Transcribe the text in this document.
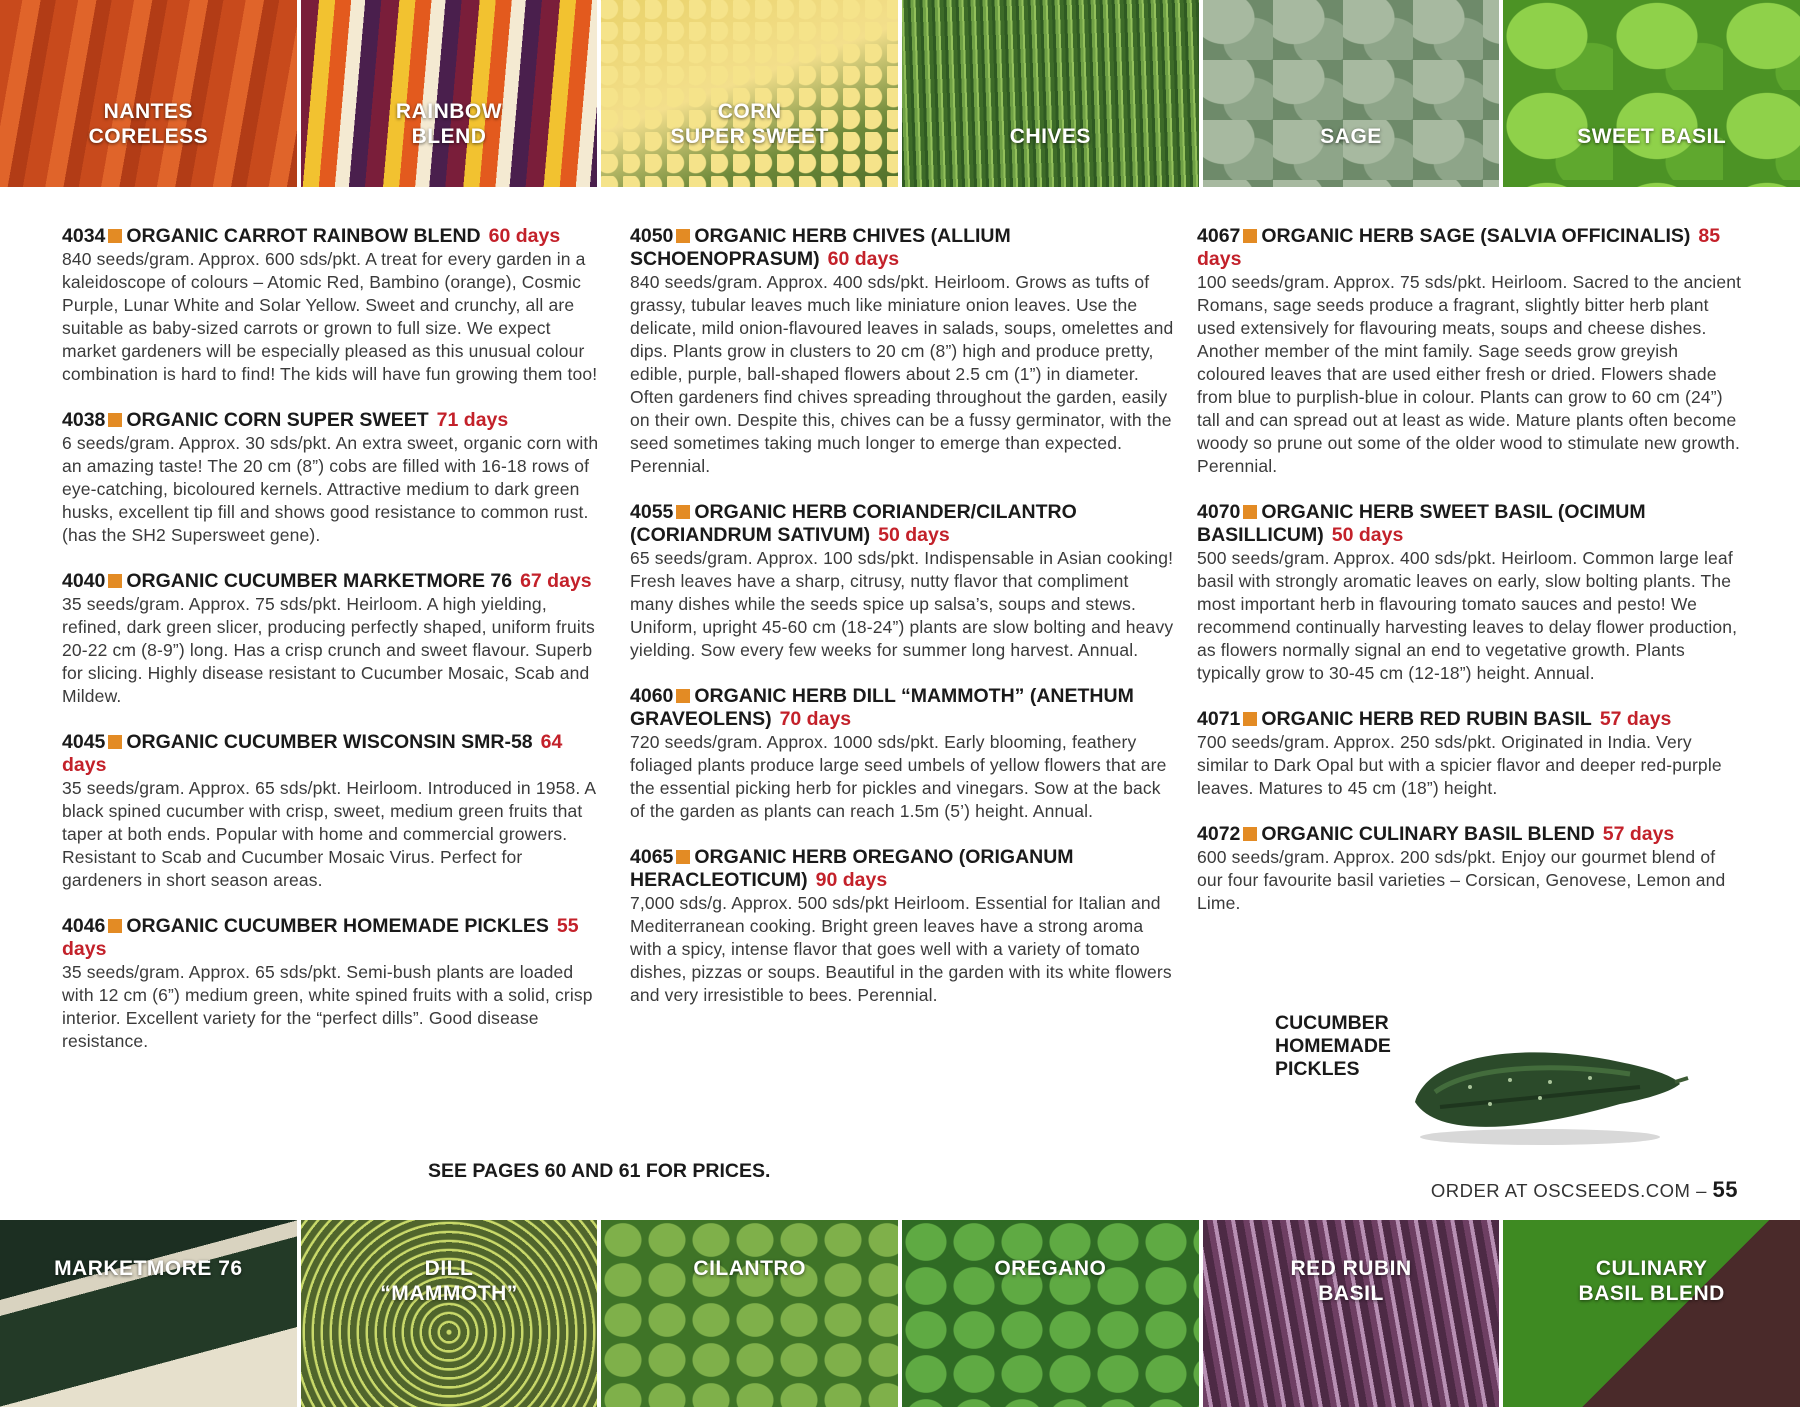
NANTES
CORELESS
RAINBOW
BLEND
CORN
SUPER SWEET	CHIVES	SAGE	SWEET BASIL
4034 ORGANIC CARROT RAINBOW BLEND 60 days
840 seeds/gram. Approx. 600 sds/pkt. A treat for every garden in a kaleidoscope of colours – Atomic Red, Bambino (orange), Cosmic Purple, Lunar White and Solar Yellow. Sweet and crunchy, all are suitable as baby-sized carrots or grown to full size. We expect market gardeners will be especially pleased as this unusual colour combination is hard to find! The kids will have fun growing them too!
4038 ORGANIC CORN SUPER SWEET 71 days
6 seeds/gram. Approx. 30 sds/pkt. An extra sweet, organic corn with an amazing taste! The 20 cm (8”) cobs are filled with 16-18 rows of eye-catching, bicoloured kernels. Attractive medium to dark green husks, excellent tip fill and shows good resistance to common rust. (has the SH2 Supersweet gene).
4040 ORGANIC CUCUMBER MARKETMORE 76 67 days
35 seeds/gram. Approx. 75 sds/pkt. Heirloom. A high yielding, refined, dark green slicer, producing perfectly shaped, uniform fruits 20-22 cm (8-9”) long. Has a crisp crunch and sweet flavour. Superb for slicing. Highly disease resistant to Cucumber Mosaic, Scab and Mildew.
4045 ORGANIC CUCUMBER WISCONSIN SMR-58 64 days
35 seeds/gram. Approx. 65 sds/pkt. Heirloom. Introduced in 1958. A black spined cucumber with crisp, sweet, medium green fruits that taper at both ends. Popular with home and commercial growers. Resistant to Scab and Cucumber Mosaic Virus. Perfect for gardeners in short season areas.
4046 ORGANIC CUCUMBER HOMEMADE PICKLES 55 days
35 seeds/gram. Approx. 65 sds/pkt. Semi-bush plants are loaded with 12 cm (6”) medium green, white spined fruits with a solid, crisp interior. Excellent variety for the “perfect dills”. Good disease resistance.
4050 ORGANIC HERB CHIVES (ALLIUM SCHOENOPRASUM) 60 days
840 seeds/gram. Approx. 400 sds/pkt. Heirloom. Grows as tufts of grassy, tubular leaves much like miniature onion leaves. Use the delicate, mild onion-flavoured leaves in salads, soups, omelettes and dips. Plants grow in clusters to 20 cm (8”) high and produce pretty, edible, purple, ball-shaped flowers about 2.5 cm (1”) in diameter. Often gardeners find chives spreading throughout the garden, easily on their own. Despite this, chives can be a fussy germinator, with the seed sometimes taking much longer to emerge than expected. Perennial.
4055 ORGANIC HERB CORIANDER/CILANTRO (CORIANDRUM SATIVUM) 50 days
65 seeds/gram. Approx. 100 sds/pkt. Indispensable in Asian cooking! Fresh leaves have a sharp, citrusy, nutty flavor that compliment many dishes while the seeds spice up salsa’s, soups and stews. Uniform, upright 45-60 cm (18-24”) plants are slow bolting and heavy yielding. Sow every few weeks for summer long harvest. Annual.
4060 ORGANIC HERB DILL “MAMMOTH” (ANETHUM GRAVEOLENS) 70 days
720 seeds/gram. Approx. 1000 sds/pkt. Early blooming, feathery foliaged plants produce large seed umbels of yellow flowers that are the essential picking herb for pickles and vinegars. Sow at the back of the garden as plants can reach 1.5m (5’) height. Annual.
4065 ORGANIC HERB OREGANO (ORIGANUM HERACLEOTICUM) 90 days
7,000 sds/g. Approx. 500 sds/pkt Heirloom. Essential for Italian and Mediterranean cooking. Bright green leaves have a strong aroma with a spicy, intense flavor that goes well with a variety of tomato dishes, pizzas or soups. Beautiful in the garden with its white flowers and very irresistible to bees. Perennial.
4067 ORGANIC HERB SAGE (SALVIA OFFICINALIS) 85 days
100 seeds/gram. Approx. 75 sds/pkt. Heirloom. Sacred to the ancient Romans, sage seeds produce a fragrant, slightly bitter herb plant used extensively for flavouring meats, soups and cheese dishes. Another member of the mint family. Sage seeds grow greyish coloured leaves that are used either fresh or dried. Flowers shade from blue to purplish-blue in colour. Plants can grow to 60 cm (24”) tall and can spread out at least as wide. Mature plants often become woody so prune out some of the older wood to stimulate new growth. Perennial.
4070 ORGANIC HERB SWEET BASIL (OCIMUM BASILLICUM) 50 days
500 seeds/gram. Approx. 400 sds/pkt. Heirloom. Common large leaf basil with strongly aromatic leaves on early, slow bolting plants. The most important herb in flavouring tomato sauces and pesto! We recommend continually harvesting leaves to delay flower production, as flowers normally signal an end to vegetative growth. Plants typically grow to 30-45 cm (12-18”) height. Annual.
4071 ORGANIC HERB RED RUBIN BASIL 57 days
700 seeds/gram. Approx. 250 sds/pkt. Originated in India. Very similar to Dark Opal but with a spicier flavor and deeper red-purple leaves. Matures to 45 cm (18”) height.
4072 ORGANIC CULINARY BASIL BLEND 57 days
600 seeds/gram. Approx. 200 sds/pkt. Enjoy our gourmet blend of our four favourite basil varieties – Corsican, Genovese, Lemon and Lime.
CUCUMBER
HOMEMADE
PICKLES
SEE PAGES 60 AND 61 FOR PRICES.
ORDER AT OSCSEEDS.COM – 55
MARKETMORE 76	DILL
“MAMMOTH”
CILANTRO	OREGANO	RED RUBIN
BASIL
CULINARY
BASIL BLEND
